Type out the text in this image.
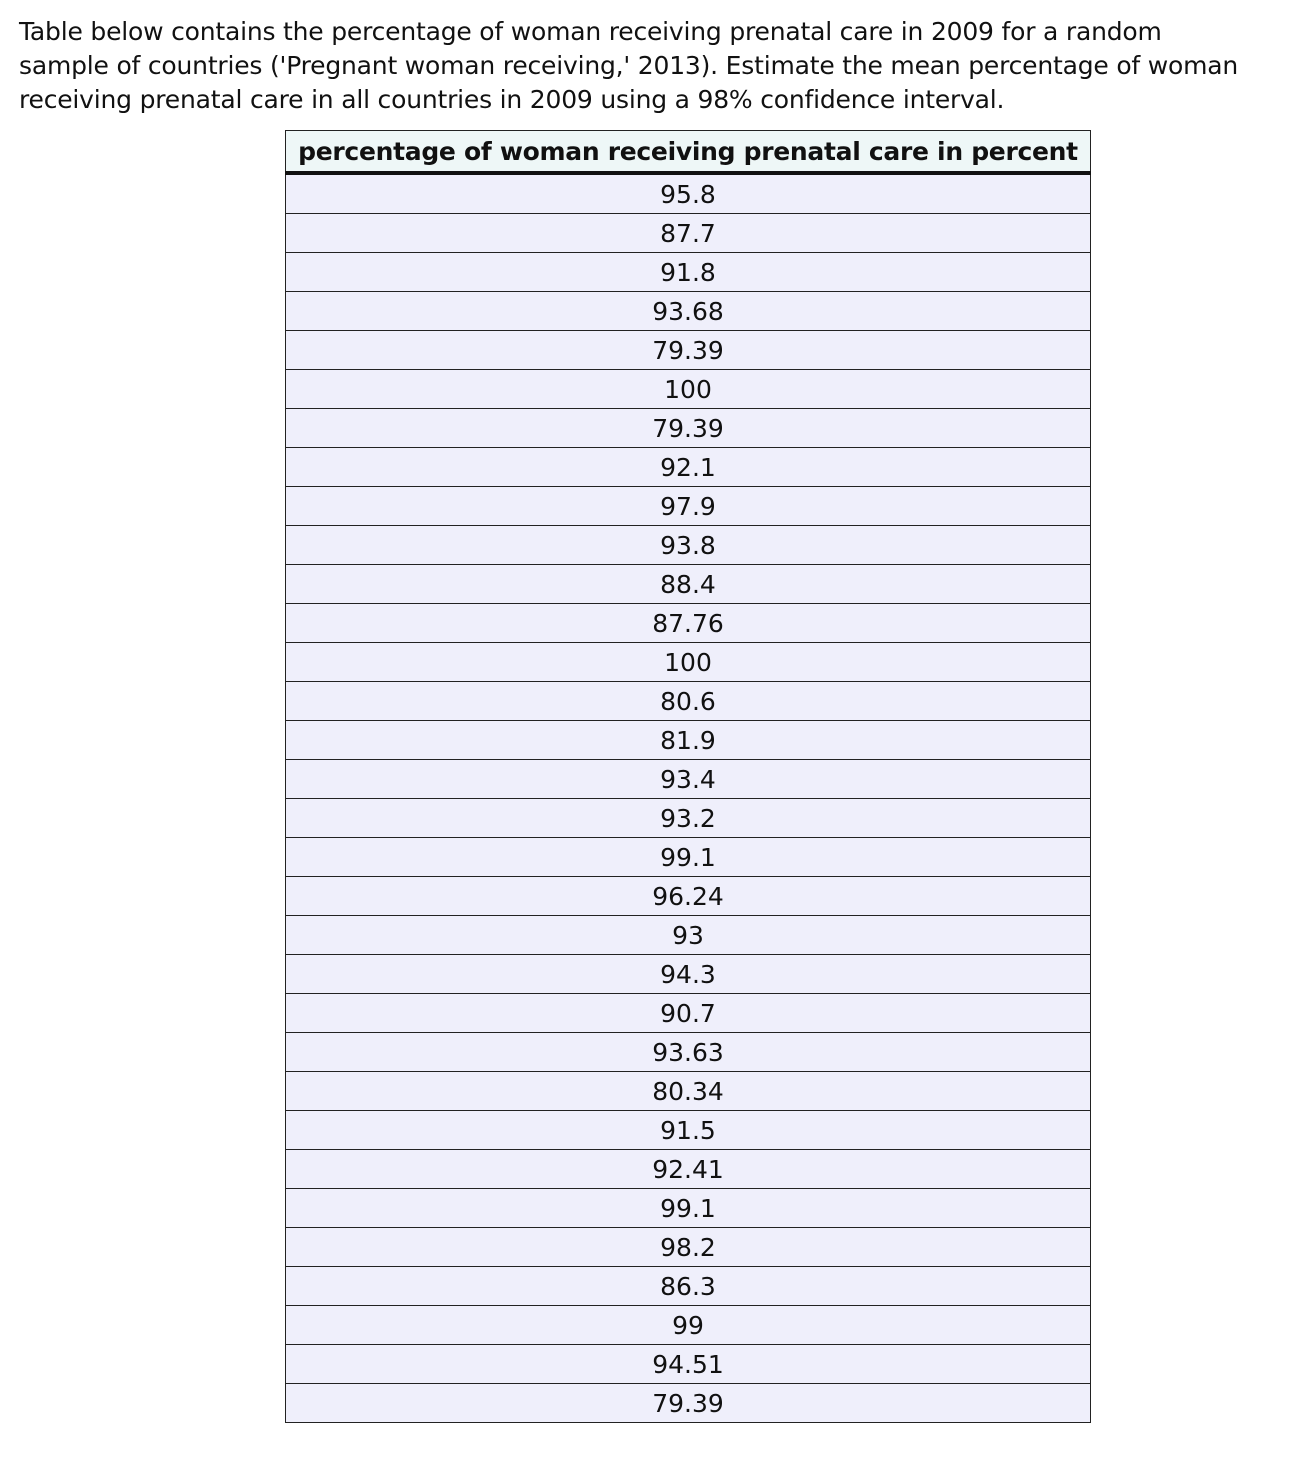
Table below contains the percentage of woman receiving prenatal care in 2009 for a random
sample of countries ('Pregnant woman receiving,' 2013). Estimate the mean percentage of woman
receiving prenatal care in all countries in 2009 using a 98% confidence interval.
percentage of woman receiving prenatal care in percent
95.8
87.7
91.8
93.68
79.39
100
79.39
92.1
97.9
93.8
88.4
87.76
100
80.6
81.9
93.4
93.2
99.1
96.24
93
94.3
90.7
93.63
80.34
91.5
92.41
99.1
98.2
86.3
99
94.51
79.39
